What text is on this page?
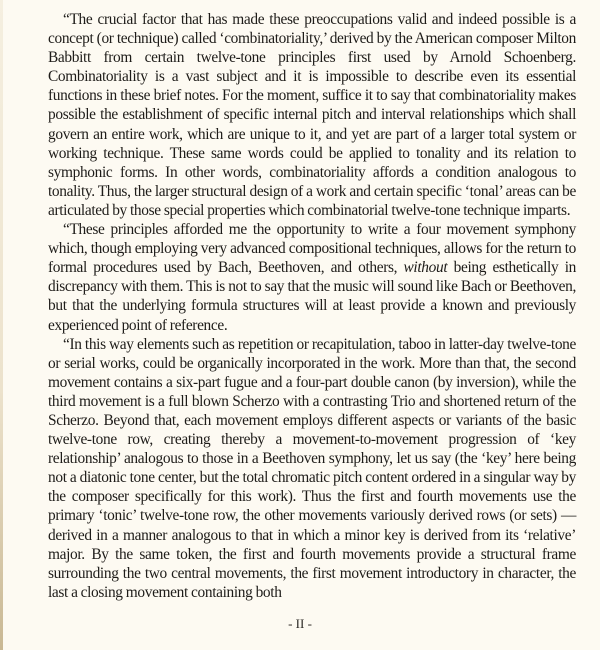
“The crucial factor that has made these preoccupations valid and indeed possible is a concept (or technique) called ‘combinatoriality,’ derived by the American composer Milton Babbitt from certain twelve-tone principles first used by Arnold Schoenberg. Combinatoriality is a vast subject and it is impossible to describe even its essential functions in these brief notes. For the moment, suffice it to say that combinatoriality makes possible the establishment of specific internal pitch and interval relationships which shall govern an entire work, which are unique to it, and yet are part of a larger total system or working technique. These same words could be applied to tonality and its relation to symphonic forms. In other words, combinatoriality affords a condition analogous to tonality. Thus, the larger structural design of a work and certain specific ‘tonal’ areas can be articulated by those special properties which combinatorial twelve-tone technique imparts.

“These principles afforded me the opportunity to write a four movement symphony which, though employing very advanced compositional techniques, allows for the return to formal procedures used by Bach, Beethoven, and others, without being esthetically in discrepancy with them. This is not to say that the music will sound like Bach or Beethoven, but that the underlying formula structures will at least provide a known and previously experienced point of reference.

“In this way elements such as repetition or recapitulation, taboo in latter-day twelve-tone or serial works, could be organically incorporated in the work. More than that, the second movement contains a six-part fugue and a four-part double canon (by inversion), while the third movement is a full blown Scherzo with a contrasting Trio and shortened return of the Scherzo. Beyond that, each movement employs different aspects or variants of the basic twelve-tone row, creating thereby a movement-to-movement progression of ‘key relationship’ analogous to those in a Beethoven symphony, let us say (the ‘key’ here being not a diatonic tone center, but the total chromatic pitch content ordered in a singular way by the composer specifically for this work). Thus the first and fourth movements use the primary ‘tonic’ twelve-tone row, the other movements variously derived rows (or sets) — derived in a manner analogous to that in which a minor key is derived from its ‘relative’ major. By the same token, the first and fourth movements provide a structural frame surrounding the two central movements, the first movement introductory in character, the last a closing movement containing both

- II -
